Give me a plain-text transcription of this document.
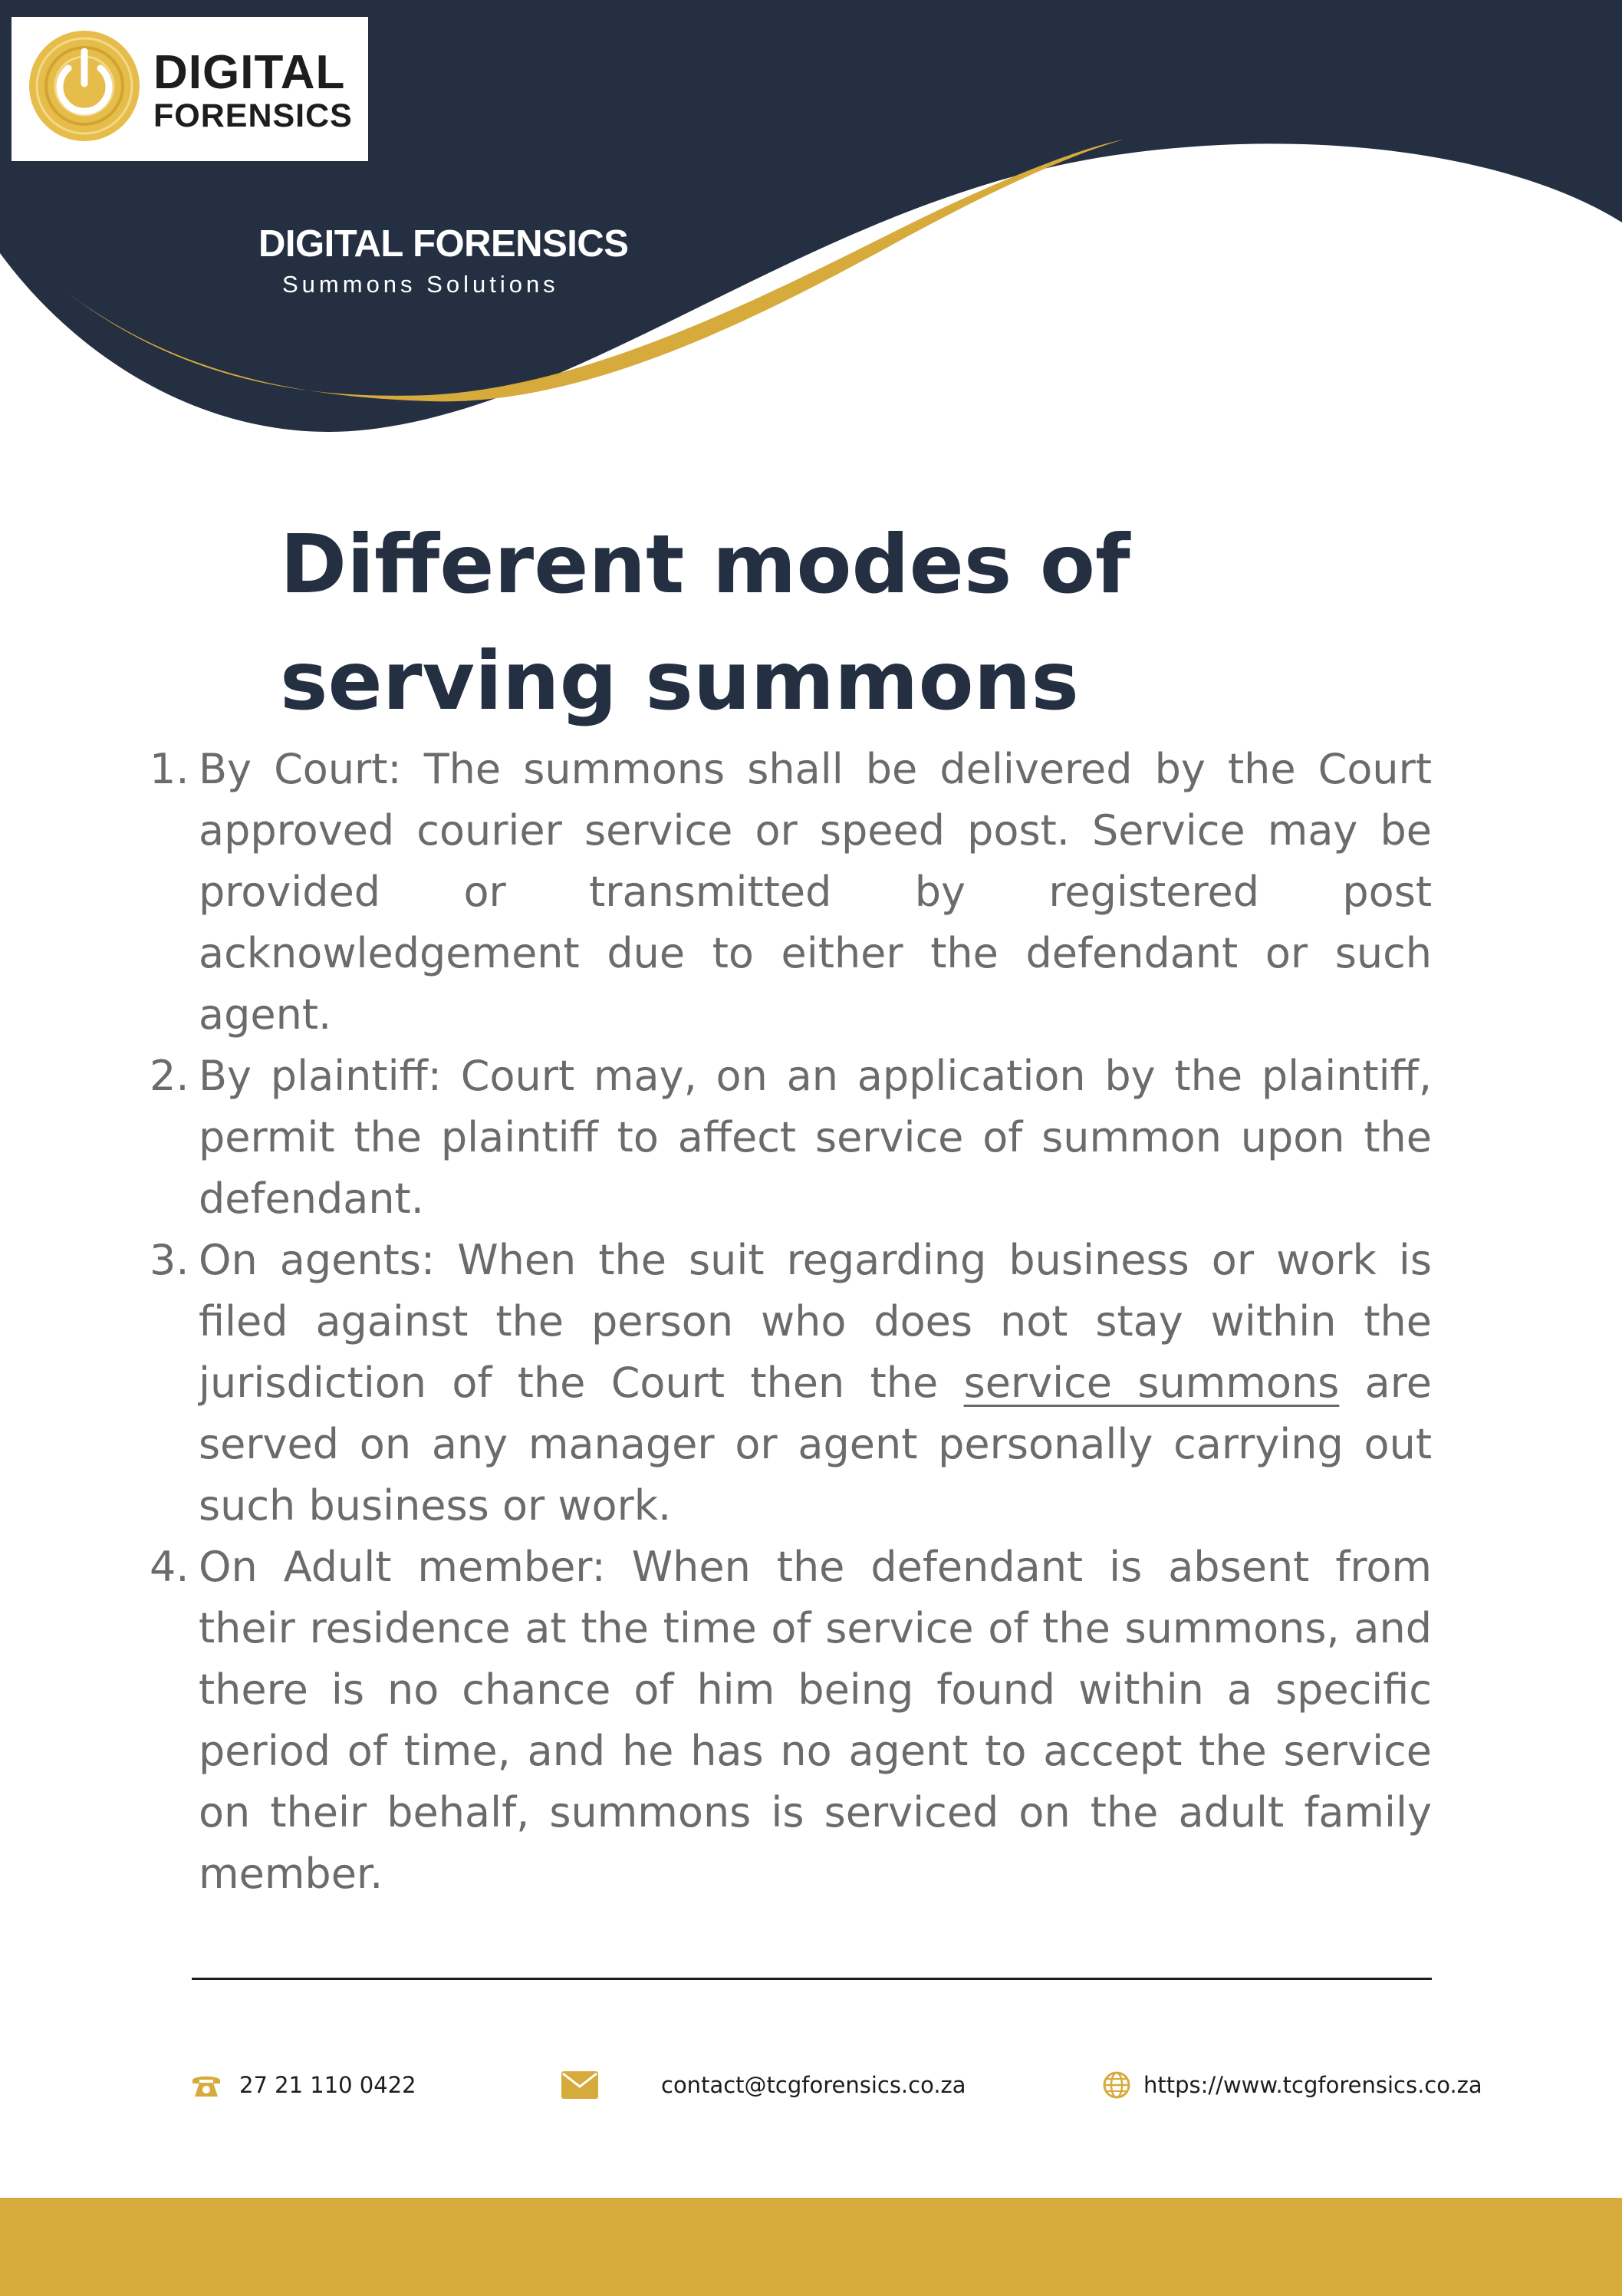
DIGITAL
FORENSICS
DIGITAL FORENSICS
Summons Solutions
Different modes of
serving summons
1. By Court: The summons shall be delivered by the Court approved courier service or speed post. Service may be provided or transmitted by registered post acknowledgement due to either the defendant or such agent.
2. By plaintiff: Court may, on an application by the plaintiff, permit the plaintiff to affect service of summon upon the defendant.
3. On agents: When the suit regarding business or work is filed against the person who does not stay within the jurisdiction of the Court then the service summons are served on any manager or agent personally carrying out such business or work.
4. On Adult member: When the defendant is absent from their residence at the time of service of the summons, and there is no chance of him being found within a specific period of time, and he has no agent to accept the service on their behalf, summons is serviced on the adult family member.
27 21 110 0422	contact@tcgforensics.co.za	https://www.tcgforensics.co.za
